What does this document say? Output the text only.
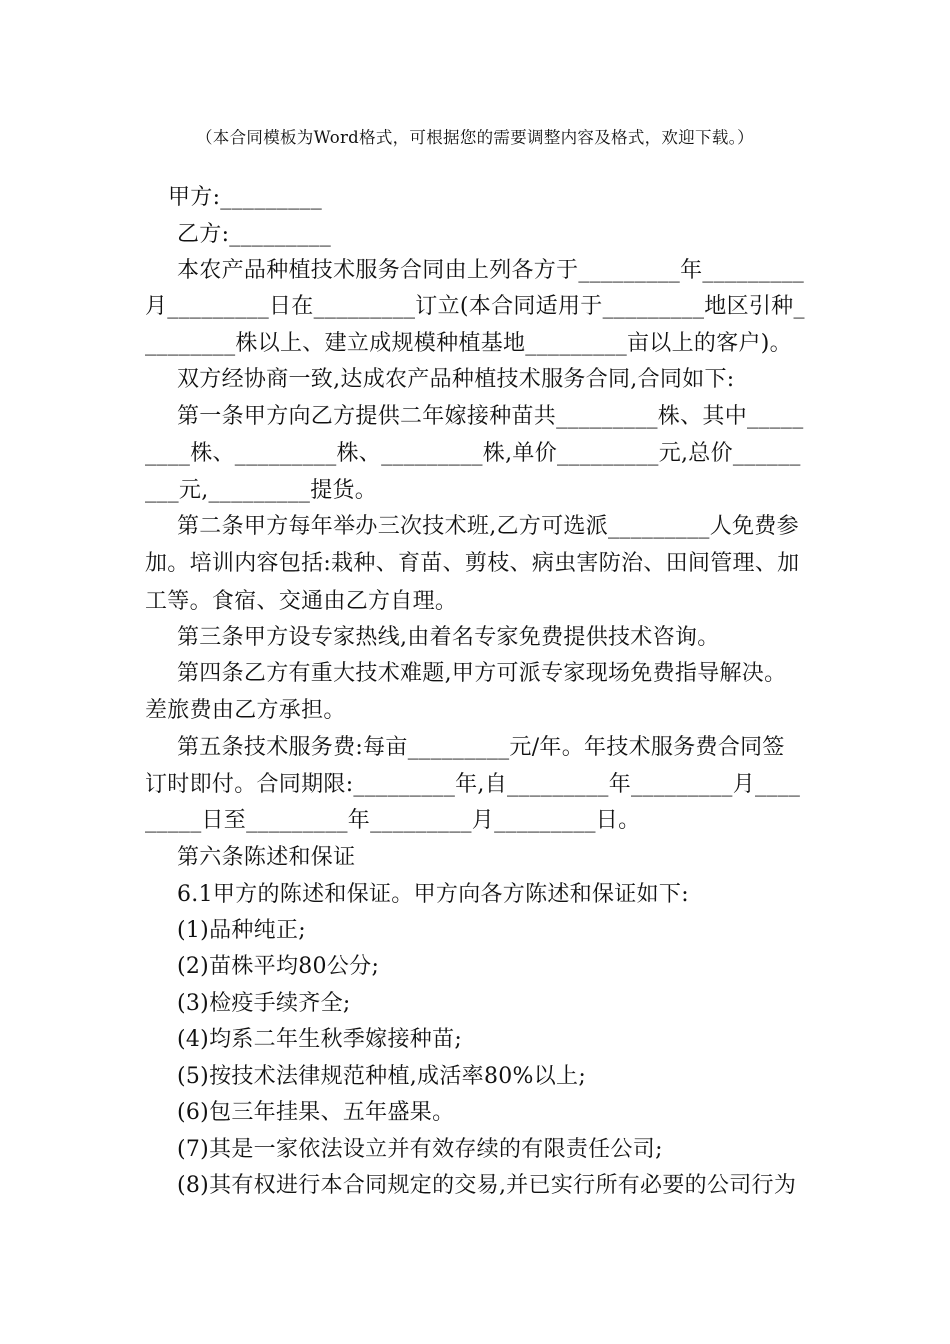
（本合同模板为Word格式，可根据您的需要调整内容及格式，欢迎下载。）
甲方:_________
乙方:_________
本农产品种植技术服务合同由上列各方于_________年_________
月_________日在_________订立(本合同适用于_________地区引种_
________株以上、建立成规模种植基地_________亩以上的客户)。
双方经协商一致,达成农产品种植技术服务合同,合同如下:
第一条甲方向乙方提供二年嫁接种苗共_________株、其中_____
____株、_________株、_________株,单价_________元,总价______
___元,_________提货。
第二条甲方每年举办三次技术班,乙方可选派_________人免费参
加。培训内容包括:栽种、育苗、剪枝、病虫害防治、田间管理、加
工等。食宿、交通由乙方自理。
第三条甲方设专家热线,由着名专家免费提供技术咨询。
第四条乙方有重大技术难题,甲方可派专家现场免费指导解决。
差旅费由乙方承担。
第五条技术服务费:每亩_________元/年。年技术服务费合同签
订时即付。合同期限:_________年,自_________年_________月____
_____日至_________年_________月_________日。
第六条陈述和保证
6.1甲方的陈述和保证。甲方向各方陈述和保证如下:
(1)品种纯正;
(2)苗株平均80公分;
(3)检疫手续齐全;
(4)均系二年生秋季嫁接种苗;
(5)按技术法律规范种植,成活率80%以上;
(6)包三年挂果、五年盛果。
(7)其是一家依法设立并有效存续的有限责任公司;
(8)其有权进行本合同规定的交易,并已实行所有必要的公司行为
